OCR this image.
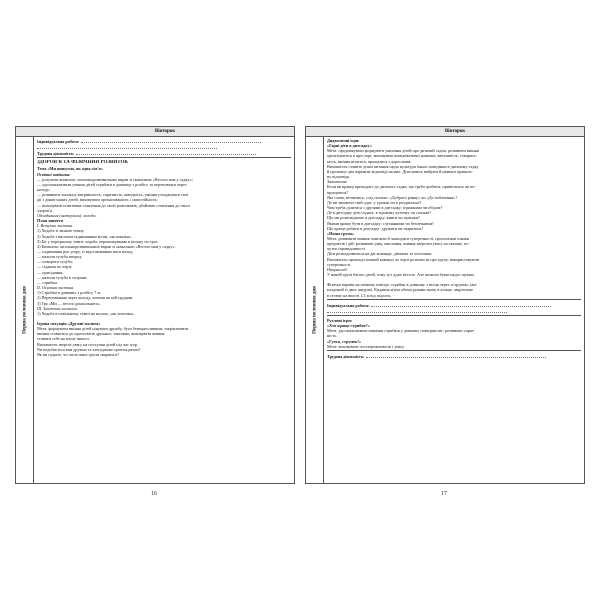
Вівторок
Перша половина дня
Індивідуальна робота:
Трудова діяльність:
ЗДОРОВ'Я ТА ФІЗИЧНИЙ РОЗВИТОК
Тема «Ми шикуємо, як одна сім'я»
Освітні завдання:
— розучити комплекс загальнорозвивальних вправ зі скакалкою «Весело нам у садку»;
— удосконалювати уміння дітей стрибати в довжину з розбігу та переповзати через
колоду;
— розвивати загальну витривалість, спритність, швидкість, уміння узгоджувати свої
дії з діями інших дітей; виховувати організованість і самостійність;
— виховувати позитивне ставлення до своїх ровесників, дбайливе ставлення до свого
здоров'я.
Обладнання (матеріали): колода.
План заняття
I. Вступна частина.
1) Ходьба зі зміною темпу.
2) Ходьба з високим підніманням колін, «як коники».
3) Біг у передньому темпі; ходьба, перешикування в колону по троє.
4) Комплекс загальнорозвивальних вправ зі скакалкою «Весело нам у садку»:
— піднімання рук угору, із відставлянням ноги назад;
— нахили тулуба вперед;
— повороти тулуба;
— сідання по черзі;
— присідання;
— нахили тулуба в сторони;
— стрибки.
II. Основна частина.
1) Стрибки в довжину з розбігу 7 м.
2) Переповзання через колоду, лежачи на ній грудьми.
3) Гра «Ми — веселі дошкільнята».
III. Заключна частина.
1) Ходьба в повільному темпі на носках, «як лисичка».
Ігрова ситуація «Дружні малята»
Мета: формувати вміння дітей цінувати дружбу, бути безкорисливими; закріплювати
вміння ставитися до одноосвітів дружньо, тактовно; виховувати вміння
ставити себе на місце іншого.
Вихователь звертає увагу на поступки дітей під час ігор.
Чи подобається вам дружно та злагоджено гратися разом?
Як ви гадаєте, чи часто ваші групи сваряться?
Вівторок
Перша половина дня
Дидактичні ігри:
«Гарні діти в дитсадку»
Мета: продовжувати формувати уявлення дітей про дитячий садок; розвивати вміння
орієнтуватися в просторі; виховувати комунікативні навички, ввічливість, товарись-
кість, вміння вітатися, прощатися з дорослими.
Вихователь ставить дітям питання щодо культури їхньої поведінки в дитячому садку
й пропонує два варіанти відповіді на них. Діти мають вибрати й назвати правиль-
ну відповідь.
Запитання
Коли ви вранці приходите до дитячого садка, що треба зробити: привітатися чи по-
прощатися?
Які слова, вітаючись, слід сказати: «Доброго ранку» чи «До побачення»?
Де ви змінюєте свій одяг: у їдальні чи в роздягальні?
Чим треба ділитися з друзями в дитсадку: іграшками чи обідом?
Де в дитсадку діти сидять: в ігровому куточку чи спальні?
Що ми розповідаємо в дитсадку: книги чи іграшки?
Якими краще бути в дитсадку: слухняними чи безпечними?
Що краще робити в дитсадку: дружити чи сваритися?
«Наша група»
Мета: розвивати вміння помічати й знаходити суперечності, протилежні ознаки
предметів і дій; розвивати уяву, мислення, вміння звертати увагу на сказане, по-
чуття справедливості.
Діти розподіляються на дві команди: дівчатка та хлопчики.
Вихователь пропонує кожній команді по черзі розповісти про групу, використовуючи
суперечності.
Наприклад:
У нашій групі багато дітей, тому тут дуже весело. Але іноколи буває надто шумно.
Фізичні вправи на свіжому повітрі: стрибки в довжину з місця через «струмок» (ви-
кладений із двох шнурів). Кидання м'яча обома руками знизу в кільце, закріплене
в стовпу на висоті 1,5 м від підлоги.
Індивідуальна робота:
Рухливі ігри:
«Хто краще стрибне?»
Мета: удосконалювати навички стрибків у довжину повітрям ніг; розвивати спрят-
ність.
«Гуска, струмок!»
Мета: виховувати спостережливість і увагу.
Трудова діяльність:
16	17
